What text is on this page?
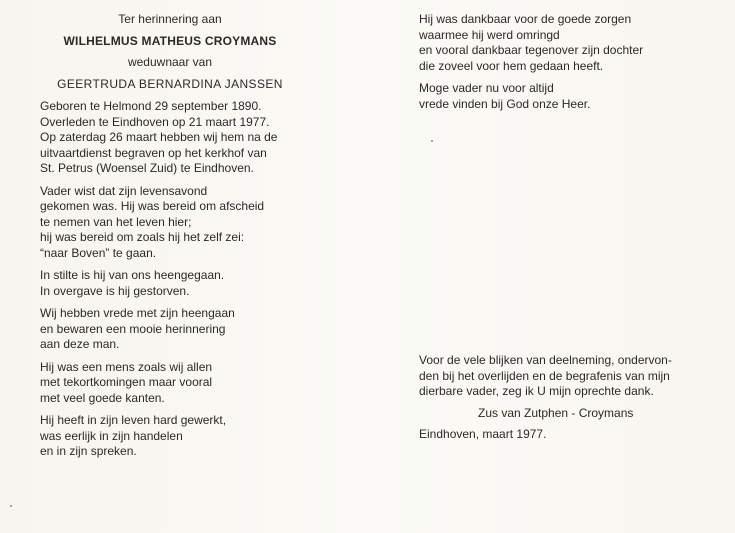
Ter herinnering aan
WILHELMUS MATHEUS CROYMANS
weduwnaar van
GEERTRUDA BERNARDINA JANSSEN
Geboren te Helmond 29 september 1890.
Overleden te Eindhoven op 21 maart 1977.
Op zaterdag 26 maart hebben wij hem na de
uitvaartdienst begraven op het kerkhof van
St. Petrus (Woensel Zuid) te Eindhoven.
Vader wist dat zijn levensavond
gekomen was. Hij was bereid om afscheid
te nemen van het leven hier;
hij was bereid om zoals hij het zelf zei:
“naar Boven” te gaan.
In stilte is hij van ons heengegaan.
In overgave is hij gestorven.
Wij hebben vrede met zijn heengaan
en bewaren een mooie herinnering
aan deze man.
Hij was een mens zoals wij allen
met tekortkomingen maar vooral
met veel goede kanten.
Hij heeft in zijn leven hard gewerkt,
was eerlijk in zijn handelen
en in zijn spreken.
Hij was dankbaar voor de goede zorgen
waarmee hij werd omringd
en vooral dankbaar tegenover zijn dochter
die zoveel voor hem gedaan heeft.
Moge vader nu voor altijd
vrede vinden bij God onze Heer.
Voor de vele blijken van deelneming, ondervon-
den bij het overlijden en de begrafenis van mijn
dierbare vader, zeg ik U mijn oprechte dank.
Zus van Zutphen - Croymans
Eindhoven, maart 1977.
